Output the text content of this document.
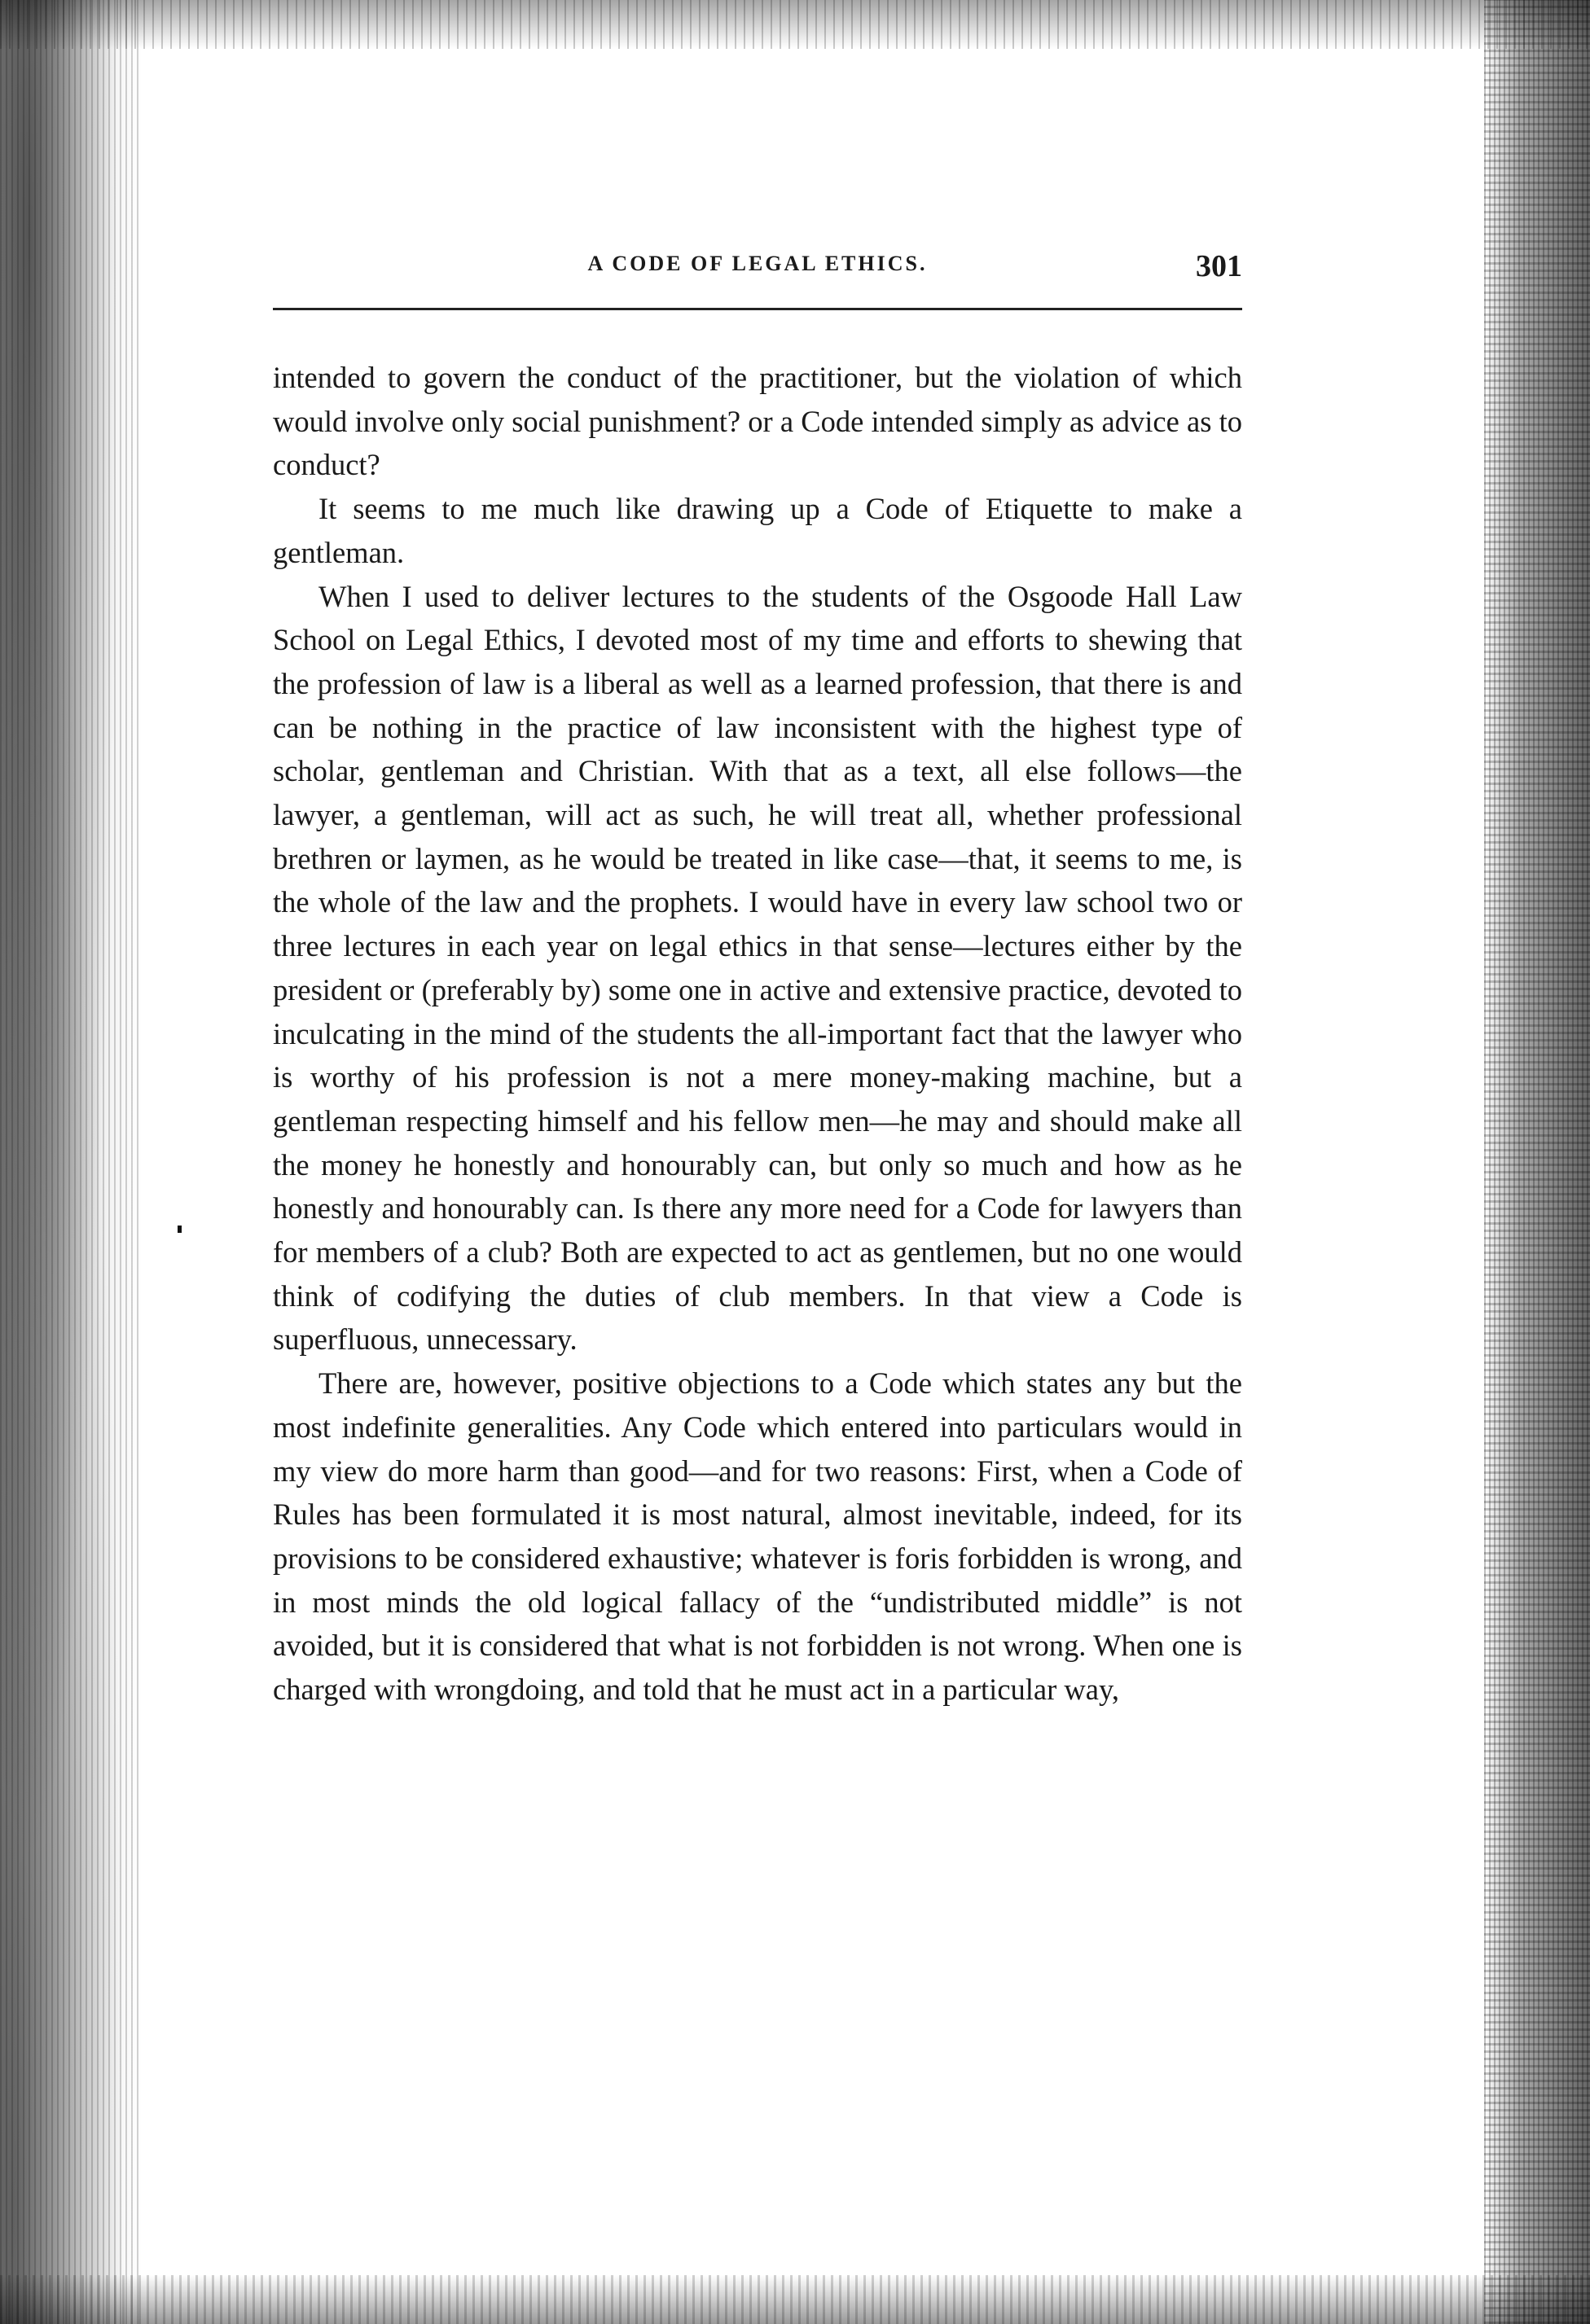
A CODE OF LEGAL ETHICS.	301

intended to govern the conduct of the practitioner, but the violation of which would involve only social punishment? or a Code intended simply as advice as to conduct?

It seems to me much like drawing up a Code of Etiquette to make a gentleman.

When I used to deliver lectures to the students of the Osgoode Hall Law School on Legal Ethics, I devoted most of my time and efforts to shewing that the profession of law is a liberal as well as a learned profession, that there is and can be nothing in the practice of law inconsistent with the highest type of scholar, gentleman and Christian. With that as a text, all else follows—the lawyer, a gentleman, will act as such, he will treat all, whether professional brethren or laymen, as he would be treated in like case—that, it seems to me, is the whole of the law and the prophets. I would have in every law school two or three lectures in each year on legal ethics in that sense—lectures either by the president or (preferably by) some one in active and extensive practice, devoted to inculcating in the mind of the students the all-important fact that the lawyer who is worthy of his profession is not a mere money-making machine, but a gentleman respecting himself and his fellow men—he may and should make all the money he honestly and honourably can, but only so much and how as he honestly and honourably can. Is there any more need for a Code for lawyers than for members of a club? Both are expected to act as gentlemen, but no one would think of codifying the duties of club members. In that view a Code is superfluous, unnecessary.

There are, however, positive objections to a Code which states any but the most indefinite generalities. Any Code which entered into particulars would in my view do more harm than good—and for two reasons: First, when a Code of Rules has been formulated it is most natural, almost inevitable, indeed, for its provisions to be considered exhaustive; whatever is foris forbidden is wrong, and in most minds the old logical fallacy of the “undistributed middle” is not avoided, but it is considered that what is not forbidden is not wrong. When one is charged with wrongdoing, and told that he must act in a particular way,
